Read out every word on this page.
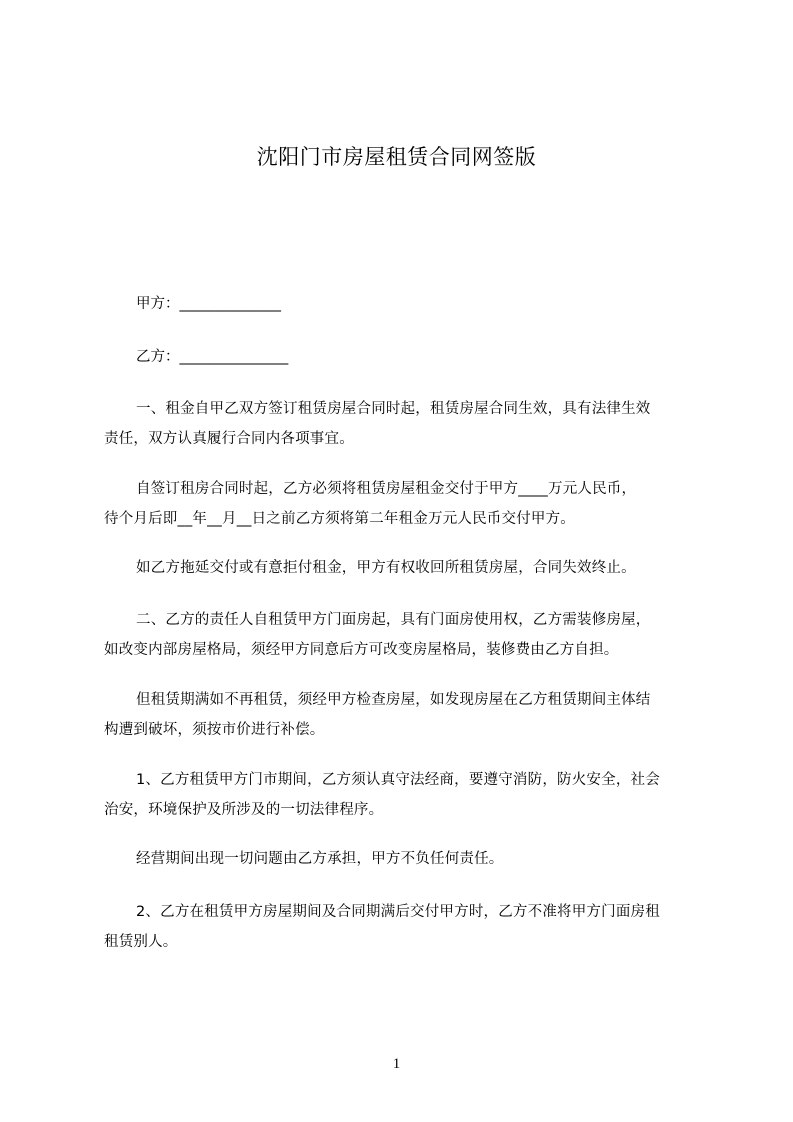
沈阳门市房屋租赁合同网签版
甲方：______________
乙方：_______________

一、租金自甲乙双方签订租赁房屋合同时起，租赁房屋合同生效，具有法律生效
责任，双方认真履行合同内各项事宜。

自签订租房合同时起，乙方必须将租赁房屋租金交付于甲方____万元人民币，
待个月后即__年__月__日之前乙方须将第二年租金万元人民币交付甲方。

如乙方拖延交付或有意拒付租金，甲方有权收回所租赁房屋，合同失效终止。

二、乙方的责任人自租赁甲方门面房起，具有门面房使用权，乙方需装修房屋，
如改变内部房屋格局，须经甲方同意后方可改变房屋格局，装修费由乙方自担。

但租赁期满如不再租赁，须经甲方检查房屋，如发现房屋在乙方租赁期间主体结
构遭到破坏，须按市价进行补偿。

1、乙方租赁甲方门市期间，乙方须认真守法经商，要遵守消防，防火安全，社会
治安，环境保护及所涉及的一切法律程序。

经营期间出现一切问题由乙方承担，甲方不负任何责任。

2、乙方在租赁甲方房屋期间及合同期满后交付甲方时，乙方不准将甲方门面房租
租赁别人。

1
